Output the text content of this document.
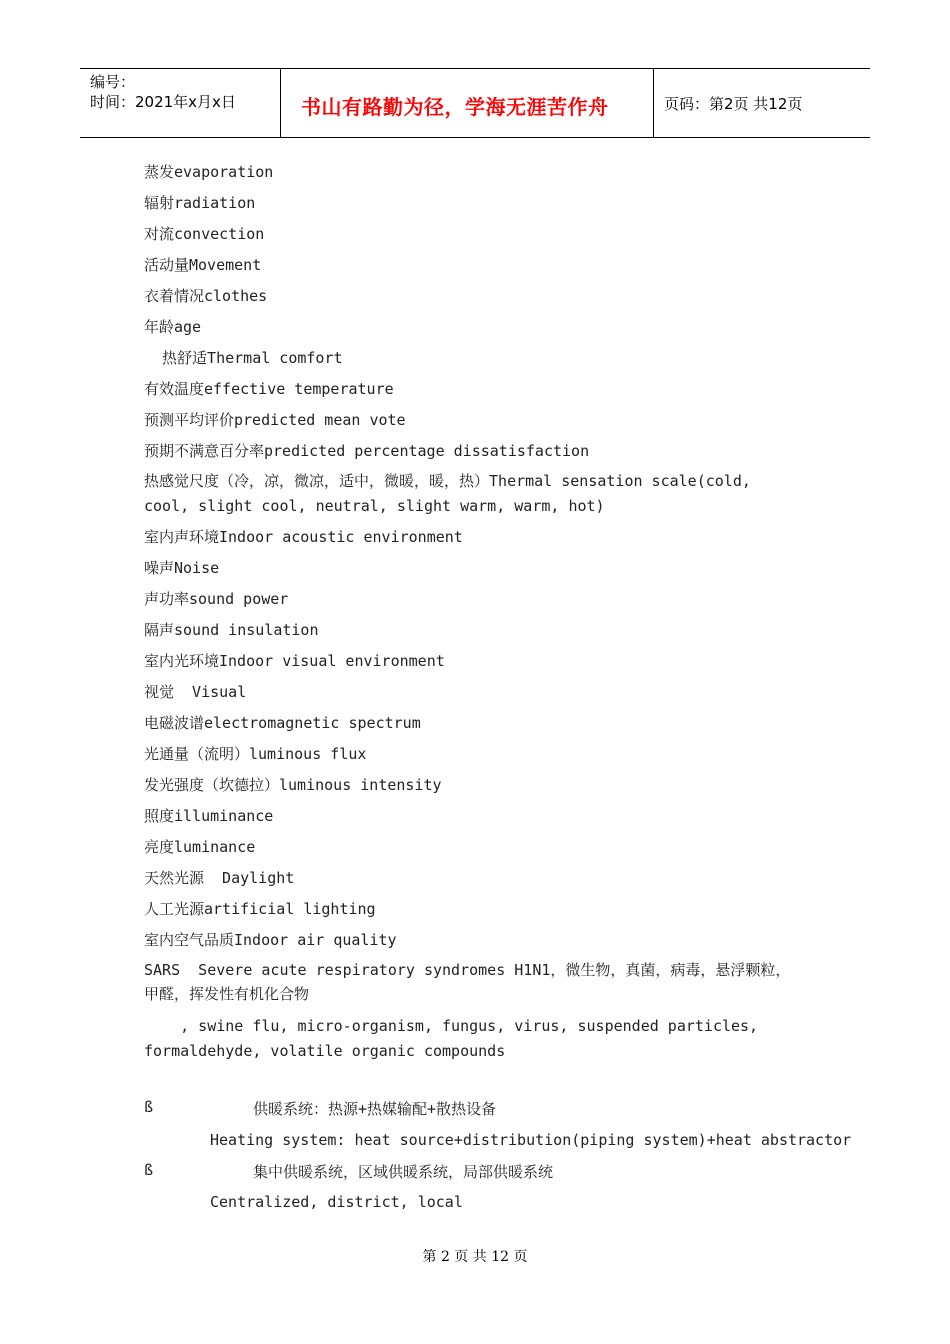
编号：
时间：2021年x月x日	书山有路勤为径，学海无涯苦作舟	页码：第2页 共12页
蒸发evaporation
辐射radiation
对流convection
活动量Movement
衣着情况clothes
年龄age
热舒适Thermal comfort
有效温度effective temperature
预测平均评价predicted mean vote
预期不满意百分率predicted percentage dissatisfaction
热感觉尺度（冷，凉，微凉，适中，微暖，暖，热）Thermal sensation scale(cold,
cool, slight cool, neutral, slight warm, warm, hot)
室内声环境Indoor acoustic environment
噪声Noise
声功率sound power
隔声sound insulation
室内光环境Indoor visual environment
视觉  Visual
电磁波谱electromagnetic spectrum
光通量（流明）luminous flux
发光强度（坎德拉）luminous intensity
照度illuminance
亮度luminance
天然光源  Daylight
人工光源artificial lighting
室内空气品质Indoor air quality
SARS  Severe acute respiratory syndromes H1N1，微生物，真菌，病毒，悬浮颗粒，
甲醛，挥发性有机化合物
, swine flu, micro-organism, fungus, virus, suspended particles,
formaldehyde, volatile organic compounds
ß	供暖系统：热源+热媒输配+散热设备
Heating system: heat source+distribution(piping system)+heat abstractor
ß	集中供暖系统，区域供暖系统，局部供暖系统
Centralized, district, local
第 2 页 共 12 页
